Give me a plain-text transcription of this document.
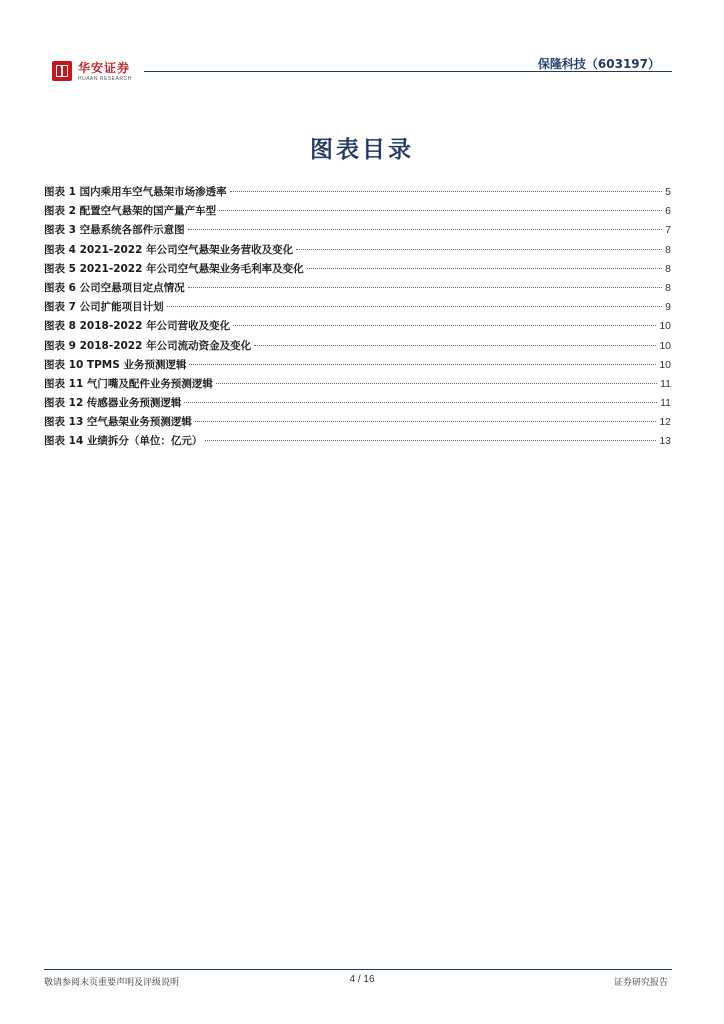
华安证券
HUAAN RESEARCH
保隆科技（603197）
图表目录
图表 1 国内乘用车空气悬架市场渗透率	5
图表 2 配置空气悬架的国产量产车型	6
图表 3 空悬系统各部件示意图	7
图表 4 2021-2022 年公司空气悬架业务营收及变化	8
图表 5 2021-2022 年公司空气悬架业务毛利率及变化	8
图表 6 公司空悬项目定点情况	8
图表 7 公司扩能项目计划	9
图表 8 2018-2022 年公司营收及变化	10
图表 9 2018-2022 年公司流动资金及变化	10
图表 10 TPMS 业务预测逻辑	10
图表 11 气门嘴及配件业务预测逻辑	11
图表 12 传感器业务预测逻辑	11
图表 13 空气悬架业务预测逻辑	12
图表 14 业绩拆分（单位：亿元）	13
敬请参阅末页重要声明及评级说明	4 / 16	证券研究报告
